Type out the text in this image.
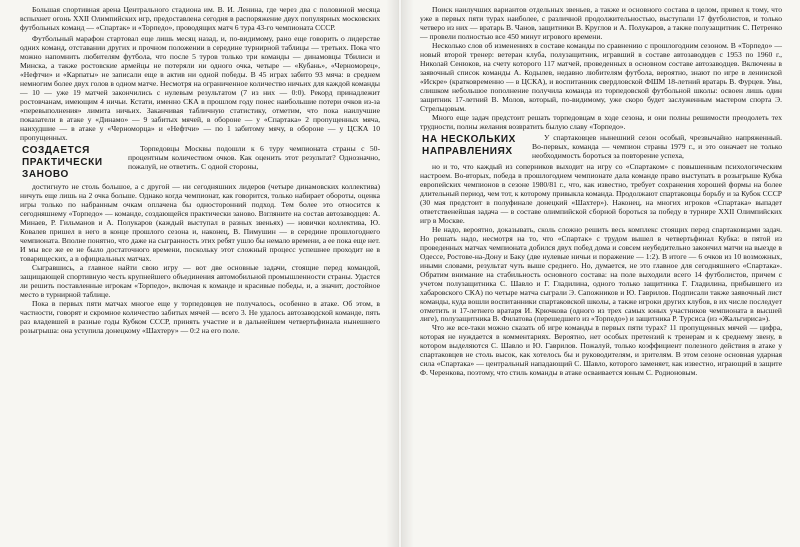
Большая спортивная арена Центрального стадиона им. В. И. Ленина, где через два с половиной месяца вспыхнет огонь XXII Олимпийских игр, предоставлена сегодня в распоряжение двух популярных московских футбольных команд — «Спартак» и «Торпедо», проводящих матч 6 тура 43-го чемпионата СССР.

Футбольный марафон стартовал еще лишь месяц назад, и, по-видимому, рано еще говорить о лидерстве одних команд, отставании других и прочном положении в середине турнирной таблицы — третьих. Пока что можно напомнить любителям футбола, что после 5 туров только три команды — динамовцы Тбилиси и Минска, а также ростовские армейцы не потеряли ни одного очка, четыре — «Кубань», «Черноморец», «Нефтчи» и «Карпаты» не записали еще в актив ни одной победы. В 45 играх забито 93 мяча: в среднем немногим более двух голов в одном матче. Несмотря на ограниченное количество ничьих для каждой команды — 10 — уже 19 матчей закончились с нулевым результатом (7 из них — 0:0). Рекорд принадлежит ростовчанам, имеющим 4 ничьи. Кстати, именно СКА в прошлом году понес наибольшие потери очков из-за «перевыполнения» лимита ничьих. Заканчивая табличную статистику, отметим, что пока наилучшие показатели в атаке у «Динамо» — 9 забитых мячей, в обороне — у «Спартака» 2 пропущенных мяча, наихудшие — в атаке у «Черноморца» и «Нефтчи» — по 1 забитому мячу, в обороне — у ЦСКА 10 пропущенных.

СОЗДАЕТСЯ ПРАКТИЧЕСКИ ЗАНОВО

Торпедовцы Москвы подошли к 6 туру чемпионата страны с 50-процентным количеством очков. Как оценить этот результат? Однозначно, пожалуй, не ответить. С одной стороны,

достигнуто не столь большое, а с другой — ни сегодняшних лидеров (четыре динамовских коллектива) ничуть еще лишь на 2 очка больше. Однако когда чемпионат, как говорится, только набирает обороты, оценка игры только по набранным очкам оплачена бы односторонний подход. Тем более это относится к сегодняшнему «Торпедо» — команде, создающейся практически заново. Взгляните на состав автозаводцев: А. Минаев, Р. Гильманов и А. Полукаров (каждый выступал в разных звеньях) — новички коллектива, Ю. Ковалев пришел в него в конце прошлого сезона и, наконец, В. Пимушин — в середине прошлогоднего чемпионата. Вполне понятно, что даже на сыгранность этих ребят ушло бы немало времени, а ее пока еще нет. И мы все же ее не было достаточного времени, поскольку этот сложный процесс успешнее проходит не в товарищеских, а в официальных матчах.

Сыгравшись, а главное найти свою игру — вот две основные задачи, стоящие перед командой, защищающей спортивную честь крупнейшего объединения автомобильной промышленности страны. Удастся ли решить поставленные игрокам «Торпедо», включая к команде и красивые победы, и, а значит, достойное место в турнирной таблице.

Пока в первых пяти матчах многое еще у торпедовцев не получалось, особенно в атаке. Об этом, в частности, говорят и скромное количество забитых мячей — всего 3. Не удалось автозаводской команде, пять раз владевшей в разные годы Кубком СССР, принять участие и в дальнейшем четвертьфинала нынешнего розыгрыша: она уступила донецкому «Шахтеру» — 0:2 на его поле.

Поиск наилучших вариантов отдельных звеньев, а также и основного состава в целом, привел к тому, что уже в первых пяти турах наиболее, с различной продолжительностью, выступали 17 футболистов, и только четверо из них — вратарь В. Чанов, защитники В. Круглов и А. Полукаров, а также полузащитник С. Петренко — провели полностью все 450 минут игрового времени.

Несколько слов об изменениях в составе команды по сравнению с прошлогодним сезоном. В «Торпедо» — новый второй тренер: ветеран клуба, полузащитник, игравший в составе автозаводцев с 1953 по 1960 г., Николай Сенюков, на счету которого 117 матчей, проведенных в основном составе автозаводцев. Включены в заявочный список команды А. Кодылев, недавно любителям футбола, вероятно, знают по игре в ленинской «Искре» (кратковременно — в ЦСКА), и воспитанник свердловской ФШМ 18-летний вратарь В. Фурцев. Увы, слишком небольшое пополнение получила команда из торпедовской футбольной школы: освоен лишь один защитник 17-летний В. Молов, который, по-видимому, уже скоро будет заслуженным мастером спорта Э. Стрельцовым.

Много еще задач предстоит решать торпедовцам в ходе сезона, и они полны решимости преодолеть тех трудности, полны желания возвратить былую славу «Торпедо».

НА НЕСКОЛЬКИХ НАПРАВЛЕНИЯХ

У спартаковцев нынешний сезон особый, чрезвычайно напряженный. Во-первых, команда — чемпион страны 1979 г., и это означает не только необходимость бороться за повторение успеха,

но и то, что каждый из соперников выходит на игру со «Спартаком» с повышенным психологическим настроем. Во-вторых, победа в прошлогоднем чемпионате дала команде право выступать в розыгрыше Кубка европейских чемпионов в сезоне 1980/81 г., что, как известно, требует сохранения хорошей формы на более длительный период, чем тот, к которому привыкла команда. Продолжают спартаковцы борьбу и за Кубок СССР (30 мая предстоит в полуфинале донецкий «Шахтер»). Наконец, на многих игроков «Спартака» выпадет ответственейшая задача — в составе олимпийской сборной бороться за победу в турнире XXII Олимпийских игр в Москве.

Не надо, вероятно, доказывать, сколь сложно решить весь комплекс стоящих перед спартаковцами задач. Но решать надо, несмотря на то, что «Спартак» с трудом вышел в четвертьфинал Кубка: в пятой из проведенных матчах чемпионата добился двух побед дома и совсем неубедительно закончил матчи на выезде в Одессе, Ростове-на-Дону и Баку (две нулевые ничьи и поражение — 1:2). В итоге — 6 очков из 10 возможных, иными словами, результат чуть выше среднего. Но, думается, не это главное для сегодняшнего «Спартака». Обратим внимание на стабильность основного состава: на поле выходили всего 14 футболистов, причем с учетом полузащитника С. Шавло и Г. Гладилина, одного только защитника Г. Гладилина, прибывшего из хабаровского СКА) по четыре матча сыграли Э. Сапожников и Ю. Гаврилов. Подписали также заявочный лист команды, куда вошли воспитанники спартаковской школы, а также игроки других клубов, в их числе последует отметить и 17-летнего вратаря И. Крючкова (одного из трех самых юных участников чемпионата в высшей лиге), полузащитника В. Филатова (перешедшего из «Торпедо») и защитника Р. Турсиса (из «Жальгириса»).

Что же все-таки можно сказать об игре команды в первых пяти турах? 11 пропущенных мячей — цифра, которая не нуждается в комментариях. Вероятно, нет особых претензий к тренерам и к среднему звену, в котором выделяются С. Шавло и Ю. Гаврилов. Пожалуй, только коэффициент полезного действия в атаке у спартаковцев не столь высок, как хотелось бы и руководителям, и зрителям. В этом сезоне основная ударная сила «Спартака» — центральный нападающий С. Шавло, которого заменяет, как известно, играющий в защите Ф. Черенкова, поэтому, что стиль команды в атаке осваивается юным С. Родионовым.
